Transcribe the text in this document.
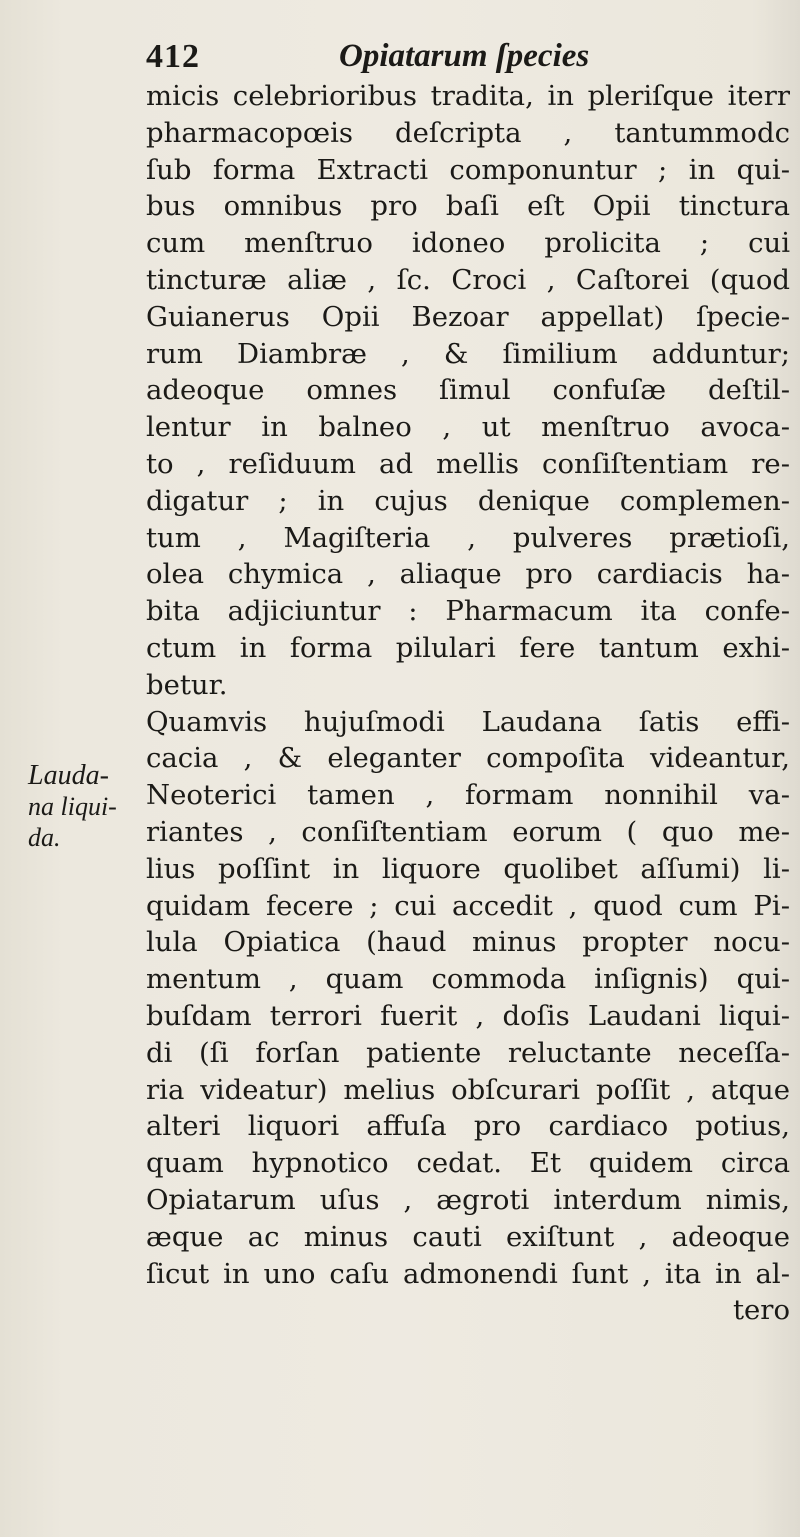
412	Opiatarum ſpecies
Lauda-
na liqui-
da.
micis celebrioribus tradita, in pleriſque iterr
pharmacopœis deſcripta , tantummodc
ſub forma Extracti componuntur ; in qui-
bus omnibus pro baſi eſt Opii tinctura
cum menſtruo idoneo prolicita ; cui
tincturæ aliæ , ſc. Croci , Caſtorei (quod
Guianerus Opii Bezoar appellat) ſpecie-
rum Diambræ , & ſimilium adduntur;
adeoque omnes ſimul confuſæ deſtil-
lentur in balneo , ut menſtruo avoca-
to , reſiduum ad mellis conſiſtentiam re-
digatur ; in cujus denique complemen-
tum , Magiſteria , pulveres prætioſi,
olea chymica , aliaque pro cardiacis ha-
bita adjiciuntur : Pharmacum ita confe-
ctum in forma pilulari fere tantum exhi-
betur.
Quamvis hujuſmodi Laudana ſatis effi-
cacia , & eleganter compoſita videantur,
Neoterici tamen , formam nonnihil va-
riantes , conſiſtentiam eorum ( quo me-
lius poſſint in liquore quolibet aſſumi) li-
quidam fecere ; cui accedit , quod cum Pi-
lula Opiatica (haud minus propter nocu-
mentum , quam commoda inſignis) qui-
buſdam terrori fuerit , doſis Laudani liqui-
di (ſi forſan patiente reluctante neceſſa-
ria videatur) melius obſcurari poſſit , atque
alteri liquori affuſa pro cardiaco potius,
quam hypnotico cedat. Et quidem circa
Opiatarum uſus , ægroti interdum nimis,
æque ac minus cauti exiſtunt , adeoque
ſicut in uno caſu admonendi ſunt , ita in al-
tero
